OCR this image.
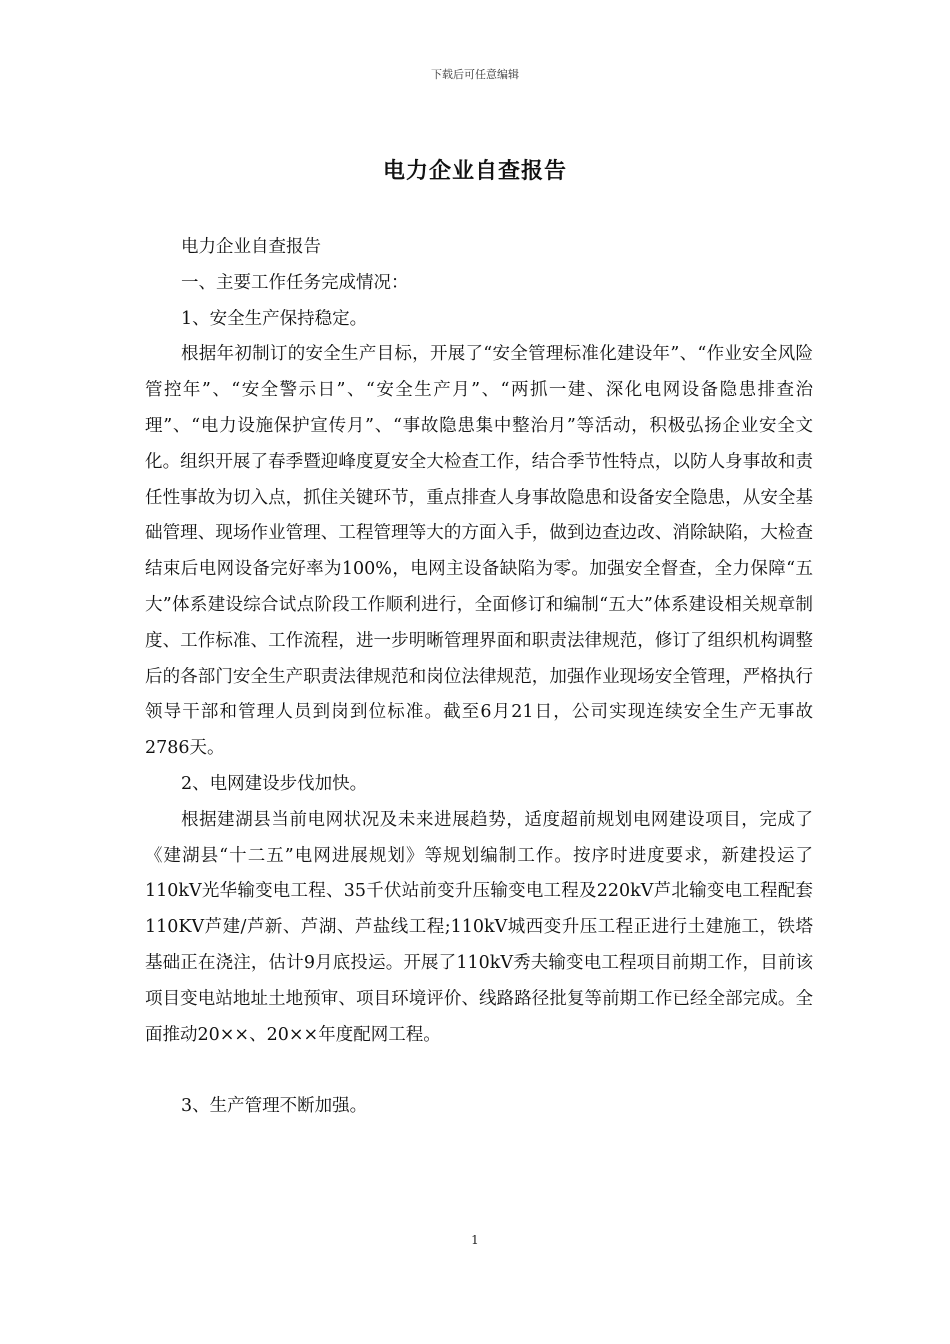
下载后可任意编辑
电力企业自查报告

电力企业自查报告

一、主要工作任务完成情况：

1、安全生产保持稳定。

根据年初制订的安全生产目标，开展了“安全管理标准化建设年”、“作业安全风险管控年”、“安全警示日”、“安全生产月”、“两抓一建、深化电网设备隐患排查治理”、“电力设施保护宣传月”、“事故隐患集中整治月”等活动，积极弘扬企业安全文化。组织开展了春季暨迎峰度夏安全大检查工作，结合季节性特点，以防人身事故和责任性事故为切入点，抓住关键环节，重点排查人身事故隐患和设备安全隐患，从安全基础管理、现场作业管理、工程管理等大的方面入手，做到边查边改、消除缺陷，大检查结束后电网设备完好率为100%，电网主设备缺陷为零。加强安全督查，全力保障“五大”体系建设综合试点阶段工作顺利进行，全面修订和编制“五大”体系建设相关规章制度、工作标准、工作流程，进一步明晰管理界面和职责法律规范，修订了组织机构调整后的各部门安全生产职责法律规范和岗位法律规范，加强作业现场安全管理，严格执行领导干部和管理人员到岗到位标准。截至6月21日，公司实现连续安全生产无事故2786天。

2、电网建设步伐加快。

根据建湖县当前电网状况及未来进展趋势，适度超前规划电网建设项目，完成了《建湖县“十二五”电网进展规划》等规划编制工作。按序时进度要求，新建投运了110kV光华输变电工程、35千伏站前变升压输变电工程及220kV芦北输变电工程配套110KV芦建/芦新、芦湖、芦盐线工程;110kV城西变升压工程正进行土建施工，铁塔基础正在浇注，估计9月底投运。开展了110kV秀夫输变电工程项目前期工作，目前该项目变电站地址土地预审、项目环境评价、线路路径批复等前期工作已经全部完成。全面推动20××、20××年度配网工程。

3、生产管理不断加强。

1
